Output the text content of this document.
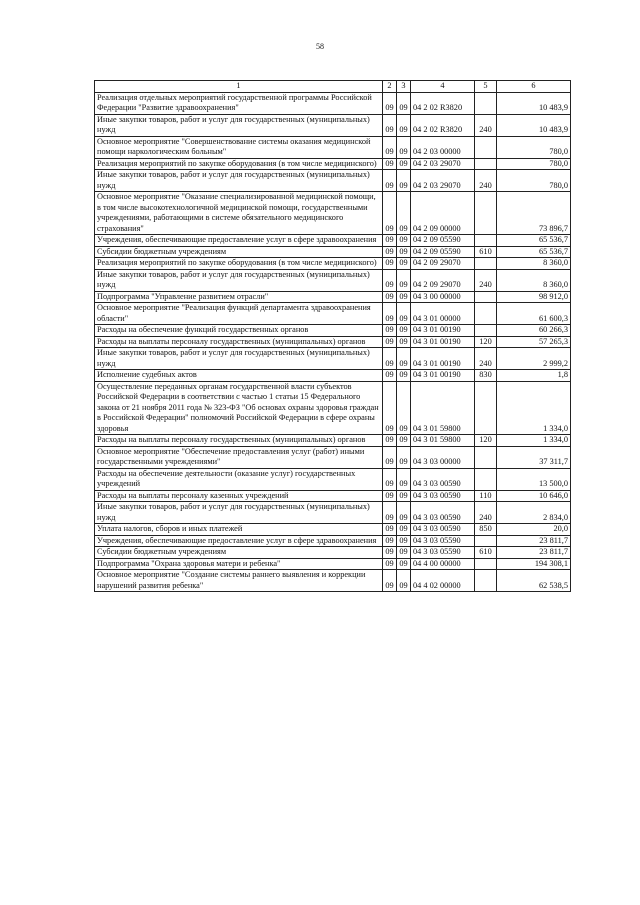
58
1	2	3	4	5	6
Реализация отдельных мероприятий государственной программы Российской Федерации "Развитие здравоохранения"	09	09	04 2 02 R3820		10 483,9
Иные закупки товаров, работ и услуг для государственных (муниципальных) нужд	09	09	04 2 02 R3820	240	10 483,9
Основное мероприятие "Совершенствование системы оказания медицинской помощи наркологическим больным"	09	09	04 2 03 00000		780,0
Реализация мероприятий по закупке оборудования (в том числе медицинского)	09	09	04 2 03 29070		780,0
Иные закупки товаров, работ и услуг для государственных (муниципальных) нужд	09	09	04 2 03 29070	240	780,0
Основное мероприятие "Оказание специализированной медицинской помощи, в том числе высокотехнологичной медицинской помощи, государственными учреждениями, работающими в системе обязательного медицинского страхования"	09	09	04 2 09 00000		73 896,7
Учреждения, обеспечивающие предоставление услуг в сфере здравоохранения	09	09	04 2 09 05590		65 536,7
Субсидии бюджетным учреждениям	09	09	04 2 09 05590	610	65 536,7
Реализация мероприятий по закупке оборудования (в том числе медицинского)	09	09	04 2 09 29070		8 360,0
Иные закупки товаров, работ и услуг для государственных (муниципальных) нужд	09	09	04 2 09 29070	240	8 360,0
Подпрограмма "Управление развитием отрасли"	09	09	04 3 00 00000		98 912,0
Основное мероприятие "Реализация функций департамента здравоохранения области"	09	09	04 3 01 00000		61 600,3
Расходы на обеспечение функций государственных органов	09	09	04 3 01 00190		60 266,3
Расходы на выплаты персоналу государственных (муниципальных) органов	09	09	04 3 01 00190	120	57 265,3
Иные закупки товаров, работ и услуг для государственных (муниципальных) нужд	09	09	04 3 01 00190	240	2 999,2
Исполнение судебных актов	09	09	04 3 01 00190	830	1,8
Осуществление переданных органам государственной власти субъектов Российской Федерации в соответствии с частью 1 статьи 15 Федерального закона от 21 ноября 2011 года № 323-ФЗ "Об основах охраны здоровья граждан в Российской Федерации" полномочий Российской Федерации в сфере охраны здоровья	09	09	04 3 01 59800		1 334,0
Расходы на выплаты персоналу государственных (муниципальных) органов	09	09	04 3 01 59800	120	1 334,0
Основное мероприятие "Обеспечение предоставления услуг (работ) иными государственными учреждениями"	09	09	04 3 03 00000		37 311,7
Расходы на обеспечение деятельности (оказание услуг) государственных учреждений	09	09	04 3 03 00590		13 500,0
Расходы на выплаты персоналу казенных учреждений	09	09	04 3 03 00590	110	10 646,0
Иные закупки товаров, работ и услуг для государственных (муниципальных) нужд	09	09	04 3 03 00590	240	2 834,0
Уплата налогов, сборов и иных платежей	09	09	04 3 03 00590	850	20,0
Учреждения, обеспечивающие предоставление услуг в сфере здравоохранения	09	09	04 3 03 05590		23 811,7
Субсидии бюджетным учреждениям	09	09	04 3 03 05590	610	23 811,7
Подпрограмма "Охрана здоровья матери и ребенка"	09	09	04 4 00 00000		194 308,1
Основное мероприятие "Создание системы раннего выявления и коррекции нарушений развития ребенка"	09	09	04 4 02 00000		62 538,5
